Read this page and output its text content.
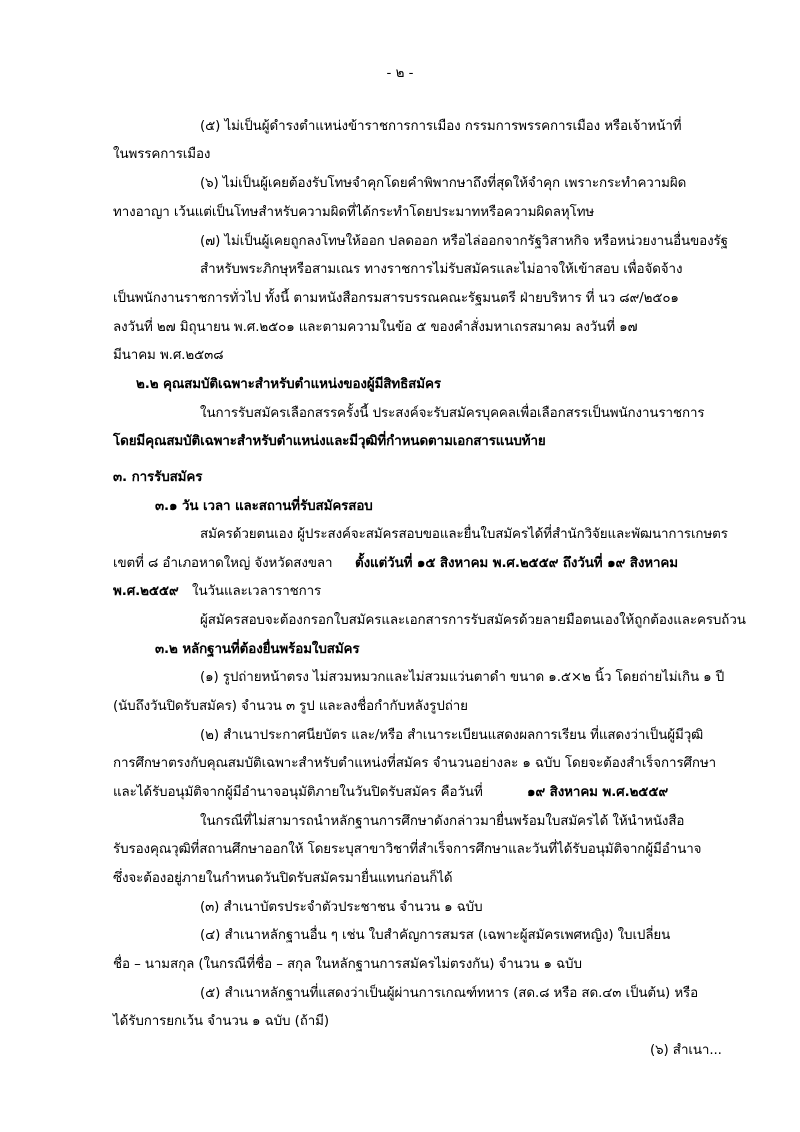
- ๒ -
(๕) ไม่เป็นผู้ดำรงตำแหน่งข้าราชการการเมือง กรรมการพรรคการเมือง หรือเจ้าหน้าที่
ในพรรคการเมือง
(๖) ไม่เป็นผู้เคยต้องรับโทษจำคุกโดยคำพิพากษาถึงที่สุดให้จำคุก เพราะกระทำความผิด
ทางอาญา เว้นแต่เป็นโทษสำหรับความผิดที่ได้กระทำโดยประมาทหรือความผิดลหุโทษ
(๗) ไม่เป็นผู้เคยถูกลงโทษให้ออก ปลดออก หรือไล่ออกจากรัฐวิสาหกิจ หรือหน่วยงานอื่นของรัฐ
สำหรับพระภิกษุหรือสามเณร ทางราชการไม่รับสมัครและไม่อาจให้เข้าสอบ เพื่อจัดจ้าง
เป็นพนักงานราชการทั่วไป ทั้งนี้ ตามหนังสือกรมสารบรรณคณะรัฐมนตรี ฝ่ายบริหาร ที่ นว ๘๙/๒๕๐๑
ลงวันที่ ๒๗ มิถุนายน พ.ศ.๒๕๐๑ และตามความในข้อ ๕ ของคำสั่งมหาเถรสมาคม ลงวันที่ ๑๗
มีนาคม พ.ศ.๒๕๓๘
๒.๒ คุณสมบัติเฉพาะสำหรับตำแหน่งของผู้มีสิทธิสมัคร
ในการรับสมัครเลือกสรรครั้งนี้ ประสงค์จะรับสมัครบุคคลเพื่อเลือกสรรเป็นพนักงานราชการ
โดยมีคุณสมบัติเฉพาะสำหรับตำแหน่งและมีวุฒิที่กำหนดตามเอกสารแนบท้าย
๓. การรับสมัคร
๓.๑ วัน เวลา และสถานที่รับสมัครสอบ
สมัครด้วยตนเอง ผู้ประสงค์จะสมัครสอบขอและยื่นใบสมัครได้ที่สำนักวิจัยและพัฒนาการเกษตร
เขตที่ ๘ อำเภอหาดใหญ่ จังหวัดสงขลา ตั้งแต่วันที่ ๑๕ สิงหาคม พ.ศ.๒๕๕๙ ถึงวันที่ ๑๙ สิงหาคม
พ.ศ.๒๕๕๙ ในวันและเวลาราชการ
ผู้สมัครสอบจะต้องกรอกใบสมัครและเอกสารการรับสมัครด้วยลายมือตนเองให้ถูกต้องและครบถ้วน
๓.๒ หลักฐานที่ต้องยื่นพร้อมใบสมัคร
(๑) รูปถ่ายหน้าตรง ไม่สวมหมวกและไม่สวมแว่นตาดำ ขนาด ๑.๕×๒ นิ้ว โดยถ่ายไม่เกิน ๑ ปี
(นับถึงวันปิดรับสมัคร) จำนวน ๓ รูป และลงชื่อกำกับหลังรูปถ่าย
(๒) สำเนาประกาศนียบัตร และ/หรือ สำเนาระเบียนแสดงผลการเรียน ที่แสดงว่าเป็นผู้มีวุฒิ
การศึกษาตรงกับคุณสมบัติเฉพาะสำหรับตำแหน่งที่สมัคร จำนวนอย่างละ ๑ ฉบับ โดยจะต้องสำเร็จการศึกษา
และได้รับอนุมัติจากผู้มีอำนาจอนุมัติภายในวันปิดรับสมัคร คือวันที่	๑๙ สิงหาคม พ.ศ.๒๕๕๙
ในกรณีที่ไม่สามารถนำหลักฐานการศึกษาดังกล่าวมายื่นพร้อมใบสมัครได้ ให้นำหนังสือ
รับรองคุณวุฒิที่สถานศึกษาออกให้ โดยระบุสาขาวิชาที่สำเร็จการศึกษาและวันที่ได้รับอนุมัติจากผู้มีอำนาจ
ซึ่งจะต้องอยู่ภายในกำหนดวันปิดรับสมัครมายื่นแทนก่อนก็ได้
(๓) สำเนาบัตรประจำตัวประชาชน จำนวน ๑ ฉบับ
(๔) สำเนาหลักฐานอื่น ๆ เช่น ใบสำคัญการสมรส (เฉพาะผู้สมัครเพศหญิง) ใบเปลี่ยน
ชื่อ – นามสกุล (ในกรณีที่ชื่อ – สกุล ในหลักฐานการสมัครไม่ตรงกัน) จำนวน ๑ ฉบับ
(๕) สำเนาหลักฐานที่แสดงว่าเป็นผู้ผ่านการเกณฑ์ทหาร (สด.๘ หรือ สด.๔๓ เป็นต้น) หรือ
ได้รับการยกเว้น จำนวน ๑ ฉบับ (ถ้ามี)
(๖) สำเนา...
